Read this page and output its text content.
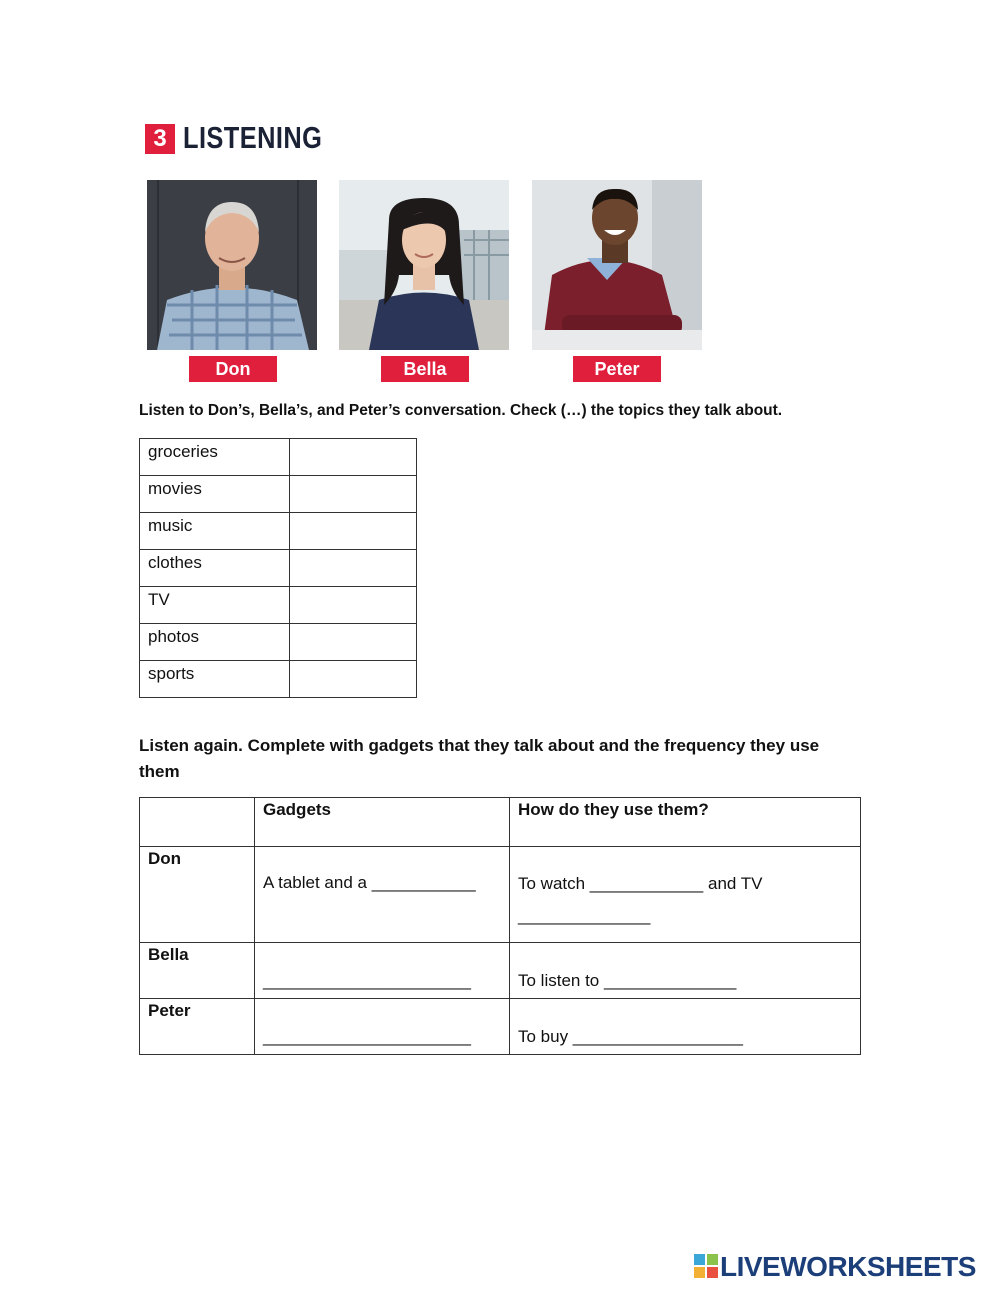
3 LISTENING
Don	Bella	Peter
Listen to Don’s, Bella’s, and Peter’s conversation. Check (…) the topics they talk about.
groceries	
movies	
music	
clothes	
TV	
photos	
sports	
Listen again. Complete with gadgets that they talk about and the frequency they use them
	Gadgets	How do they use them?
Don	A tablet and a ___________	To watch ____________ and TV
______________

Bella	______________________	To listen to ______________
Peter	______________________	To buy __________________
LIVEWORKSHEETS
